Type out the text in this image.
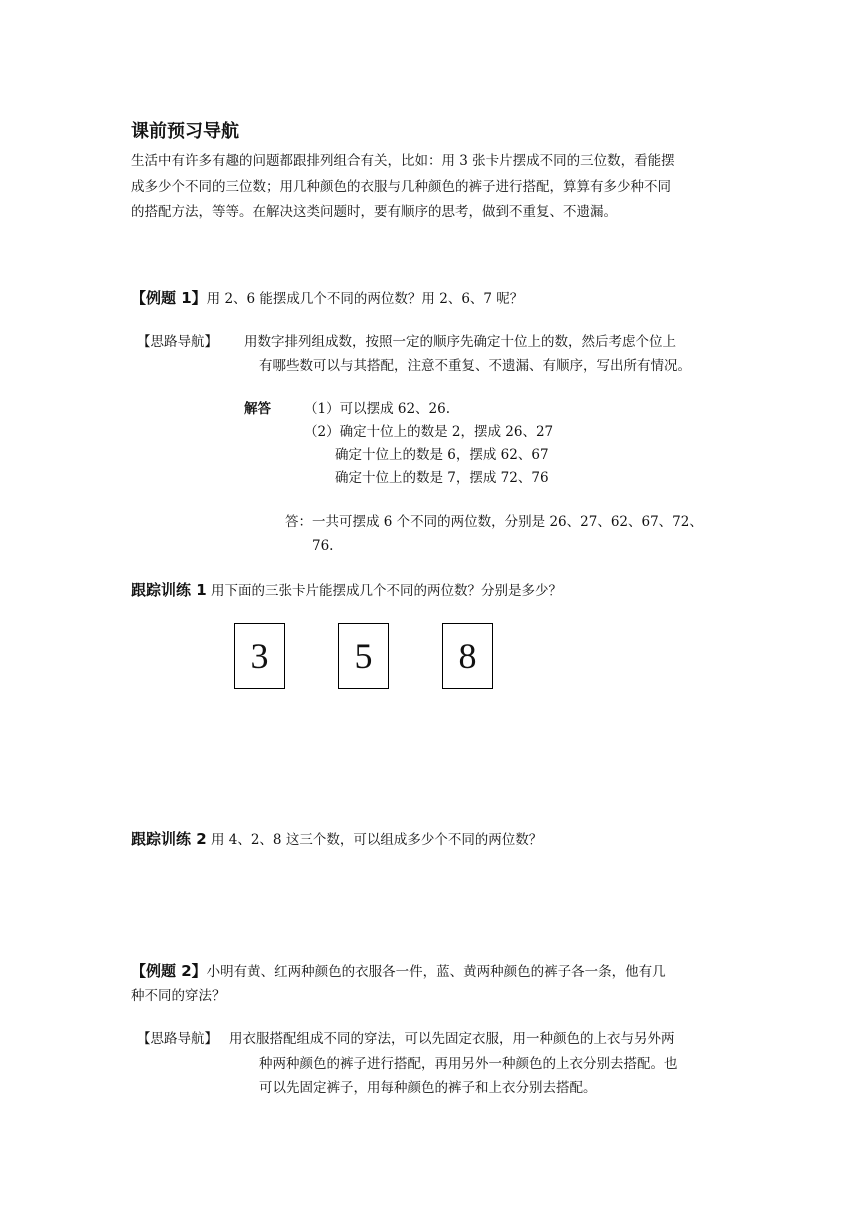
课前预习导航

生活中有许多有趣的问题都跟排列组合有关，比如：用 3 张卡片摆成不同的三位数，看能摆

成多少个不同的三位数；用几种颜色的衣服与几种颜色的裤子进行搭配，算算有多少种不同

的搭配方法，等等。在解决这类问题时，要有顺序的思考，做到不重复、不遗漏。

【例题 1】用 2、6 能摆成几个不同的两位数？用 2、6、7 呢？

【思路导航】 用数字排列组成数，按照一定的顺序先确定十位上的数，然后考虑个位上

有哪些数可以与其搭配，注意不重复、不遗漏、有顺序，写出所有情况。

解答 （1）可以摆成 62、26.

（2）确定十位上的数是 2，摆成 26、27

确定十位上的数是 6，摆成 62、67

确定十位上的数是 7，摆成 72、76

答：一共可摆成 6 个不同的两位数，分别是 26、27、62、67、72、

76.

跟踪训练 1 用下面的三张卡片能摆成几个不同的两位数？分别是多少？

3	5	8

跟踪训练 2 用 4、2、8 这三个数，可以组成多少个不同的两位数？

【例题 2】小明有黄、红两种颜色的衣服各一件，蓝、黄两种颜色的裤子各一条，他有几

种不同的穿法？

【思路导航】 用衣服搭配组成不同的穿法，可以先固定衣服，用一种颜色的上衣与另外两

种两种颜色的裤子进行搭配，再用另外一种颜色的上衣分别去搭配。也

可以先固定裤子，用每种颜色的裤子和上衣分别去搭配。
